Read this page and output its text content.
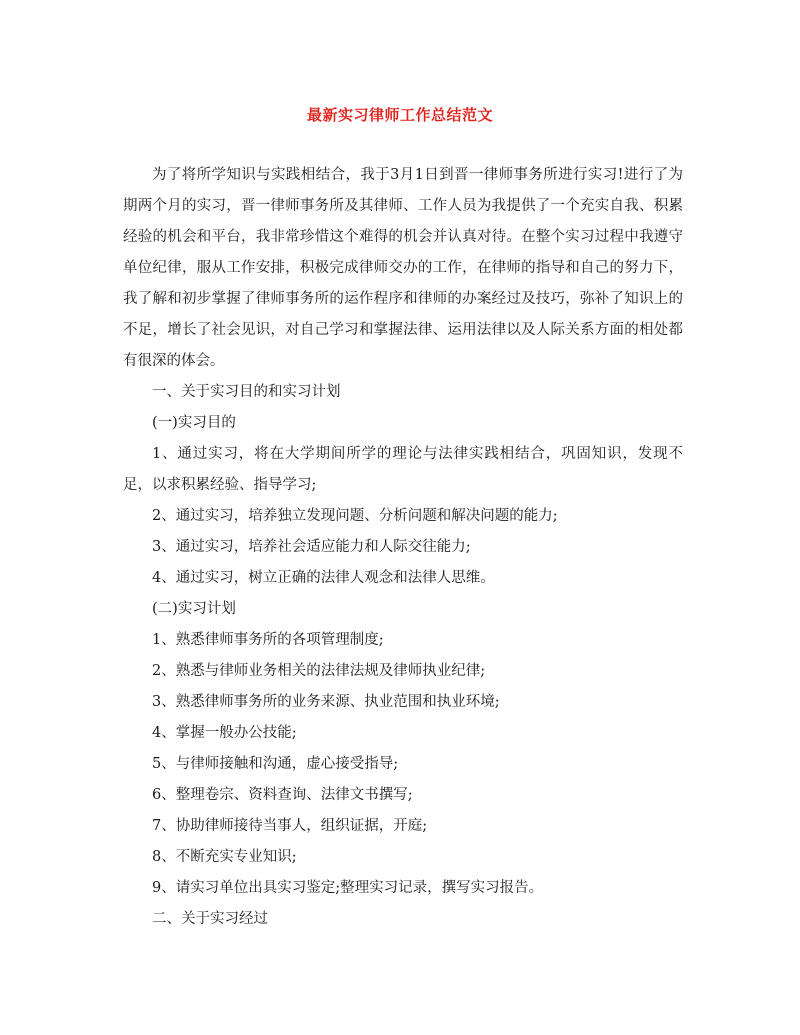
最新实习律师工作总结范文

为了将所学知识与实践相结合，我于3月1日到晋一律师事务所进行实习!进行了为期两个月的实习，晋一律师事务所及其律师、工作人员为我提供了一个充实自我、积累经验的机会和平台，我非常珍惜这个难得的机会并认真对待。在整个实习过程中我遵守单位纪律，服从工作安排，积极完成律师交办的工作，在律师的指导和自己的努力下，我了解和初步掌握了律师事务所的运作程序和律师的办案经过及技巧，弥补了知识上的不足，增长了社会见识，对自己学习和掌握法律、运用法律以及人际关系方面的相处都有很深的体会。

一、关于实习目的和实习计划

(一)实习目的

1、通过实习，将在大学期间所学的理论与法律实践相结合，巩固知识，发现不足，以求积累经验、指导学习;

2、通过实习，培养独立发现问题、分析问题和解决问题的能力;

3、通过实习，培养社会适应能力和人际交往能力;

4、通过实习，树立正确的法律人观念和法律人思维。

(二)实习计划

1、熟悉律师事务所的各项管理制度;

2、熟悉与律师业务相关的法律法规及律师执业纪律;

3、熟悉律师事务所的业务来源、执业范围和执业环境;

4、掌握一般办公技能;

5、与律师接触和沟通，虚心接受指导;

6、整理卷宗、资料查询、法律文书撰写;

7、协助律师接待当事人，组织证据，开庭;

8、不断充实专业知识;

9、请实习单位出具实习鉴定;整理实习记录，撰写实习报告。

二、关于实习经过
